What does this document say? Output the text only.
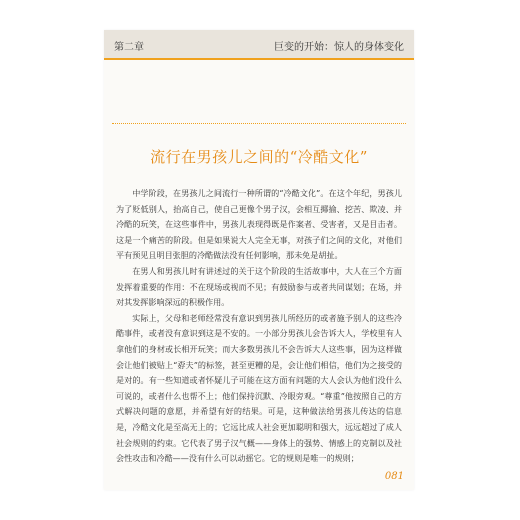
第二章	巨变的开始：惊人的身体变化
流行在男孩儿之间的“冷酷文化”

中学阶段，在男孩儿之间流行一种所谓的“冷酷文化”。在这个年纪，男孩儿为了贬低别人，抬高自己，使自己更像个男子汉，会相互揶揄、挖苦、欺凌、并冷酷的玩笑，在这些事件中，男孩儿表现得既是作案者、受害者，又是目击者。这是一个痛苦的阶段。但是如果说大人完全无事，对孩子们之间的文化，对他们平有预见且明目张胆的冷酷做法没有任何影响，那未免是胡扯。

在男人和男孩儿时有讲述过的关于这个阶段的生活故事中，大人在三个方面发挥着重要的作用：不在现场或视而不见；有鼓励参与或者共同谋划；在场，并对其发挥影响深远的积极作用。

实际上，父母和老师经常没有意识到男孩儿所经历的或者施予别人的这些冷酷事件，或者没有意识到这是不安的。一小部分男孩儿会告诉大人，学校里有人拿他们的身材或长相开玩笑；而大多数男孩儿不会告诉大人这些事，因为这样做会让他们被贴上“孬夫”的标签，甚至更糟的是，会让他们相信，他们为之接受的是对的。有一些知道或者怀疑儿子可能在这方面有问题的大人会认为他们没什么可说的，或者什么也帮不上；他们保持沉默、冷眼旁观。“尊重”他按照自己的方式解决问题的意愿，并希望有好的结果。可是，这种做法给男孩儿传达的信息是，冷酷文化是至高无上的；它远比成人社会更加聪明和强大，远远超过了成人社会规则的约束。它代表了男子汉气概——身体上的强势、情感上的克制以及社会性攻击和冷酷——没有什么可以动摇它。它的规则是唯一的规则；

081
